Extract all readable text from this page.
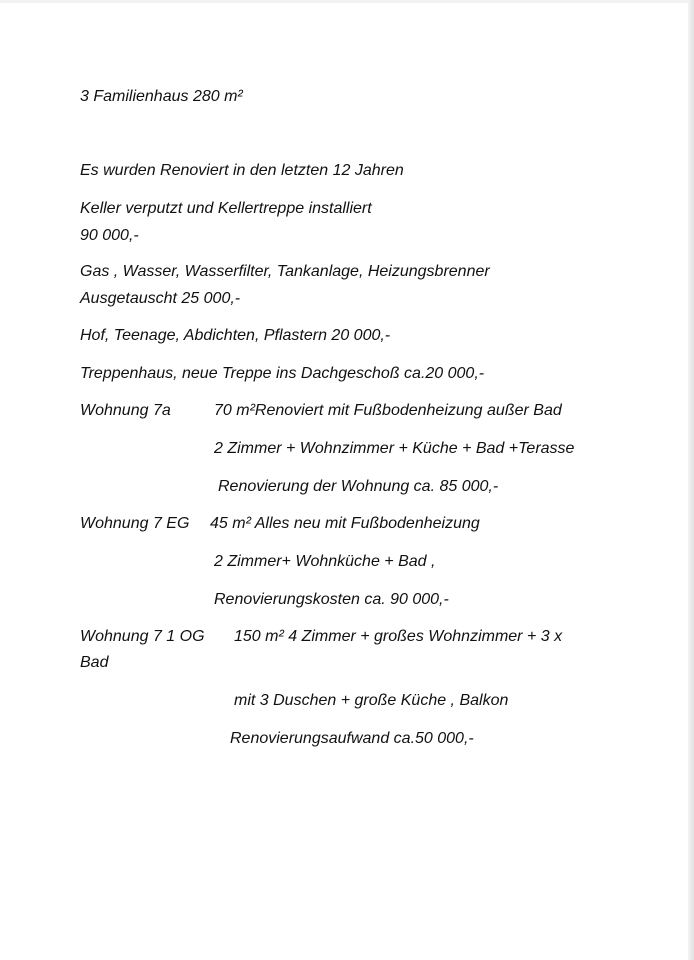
3 Familienhaus 280 m²
Es wurden Renoviert in den letzten 12 Jahren
Keller verputzt und Kellertreppe installiert
90 000,-
Gas , Wasser, Wasserfilter, Tankanlage, Heizungsbrenner
Ausgetauscht 25 000,-
Hof, Teenage, Abdichten, Pflastern 20 000,-
Treppenhaus, neue Treppe ins Dachgeschoß ca.20 000,-
Wohnung 7a	70 m²Renoviert mit Fußbodenheizung außer Bad
2 Zimmer + Wohnzimmer + Küche + Bad +Terasse
Renovierung der Wohnung ca. 85 000,-
Wohnung 7 EG 45 m² Alles neu mit Fußbodenheizung
2 Zimmer+ Wohnküche + Bad ,
Renovierungskosten ca. 90 000,-
Wohnung 7 1 OG 150 m² 4 Zimmer + großes Wohnzimmer + 3 x
Bad
mit 3 Duschen + große Küche , Balkon
Renovierungsaufwand ca.50 000,-
